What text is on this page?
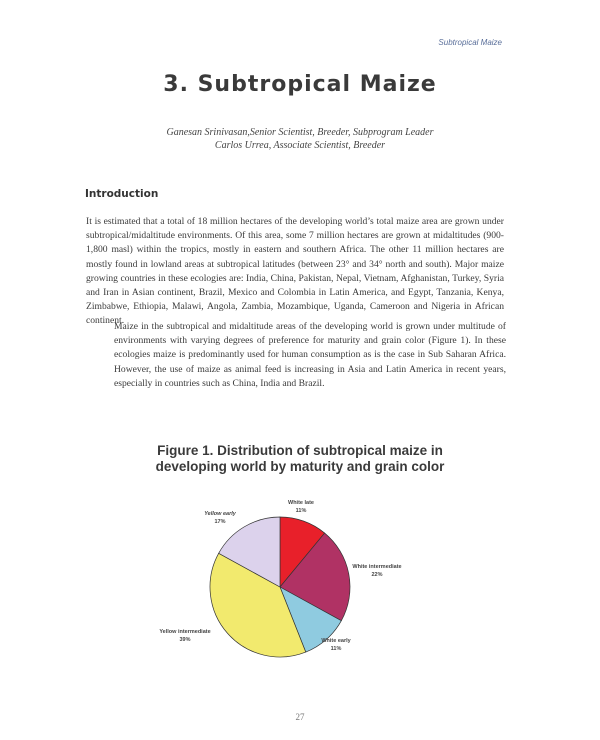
Subtropical Maize
3. Subtropical Maize
Ganesan Srinivasan,Senior Scientist, Breeder, Subprogram Leader
Carlos Urrea, Associate Scientist, Breeder
Introduction
It is estimated that a total of 18 million hectares of the developing world’s total maize area are grown under subtropical/midaltitude environments. Of this area, some 7 million hectares are grown at midaltitudes (900-1,800 masl) within the tropics, mostly in eastern and southern Africa. The other 11 million hectares are mostly found in lowland areas at subtropical latitudes (between 23° and 34° north and south). Major maize growing countries in these ecologies are: India, China, Pakistan, Nepal, Vietnam, Afghanistan, Turkey, Syria and Iran in Asian continent, Brazil, Mexico and Colombia in Latin America, and Egypt, Tanzania, Kenya, Zimbabwe, Ethiopia, Malawi, Angola, Zambia, Mozambique, Uganda, Cameroon and Nigeria in African continent.
Maize in the subtropical and midaltitude areas of the developing world is grown under multitude of environments with varying degrees of preference for maturity and grain color (Figure 1). In these ecologies maize is predominantly used for human consumption as is the case in Sub Saharan Africa. However, the use of maize as animal feed is increasing in Asia and Latin America in recent years, especially in countries such as China, India and Brazil.
Figure 1. Distribution of subtropical maize in
developing world by maturity and grain color
White late
11%
White intermediate
22%
White early
11%
Yellow intermediate
39%
Yellow early
17%
27
